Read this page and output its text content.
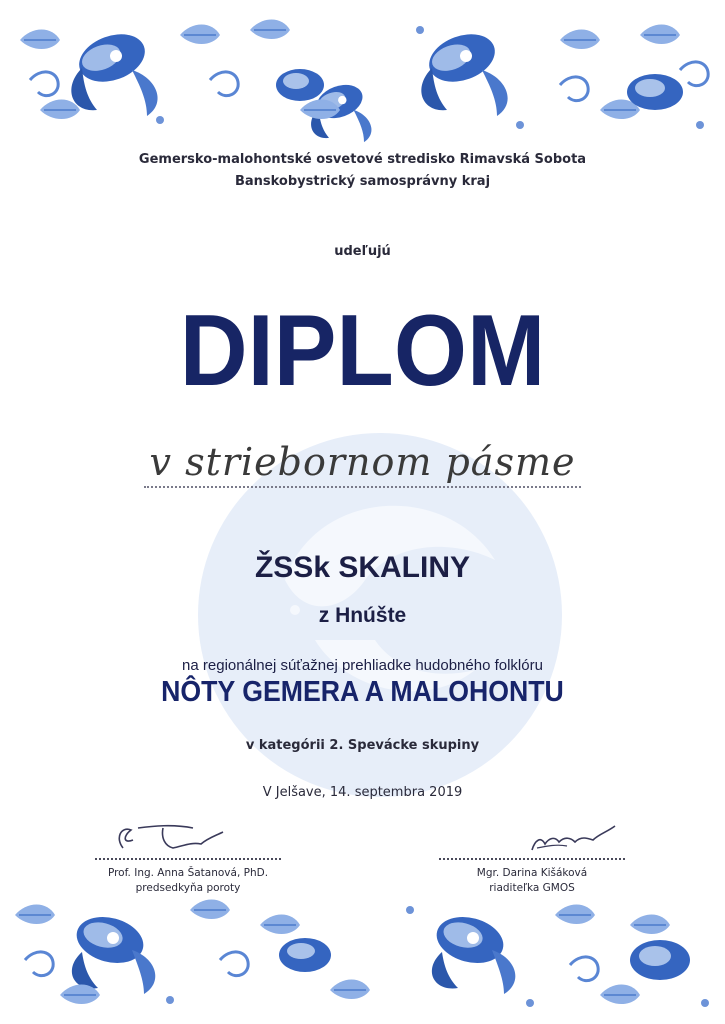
Gemersko-malohontské osvetové stredisko Rimavská Sobota
Banskobystrický samosprávny kraj
udeľujú
DIPLOM
v striebornom pásme
ŽSSk SKALINY
z Hnúšte
na regionálnej súťažnej prehliadke hudobného folklóru
NÔTY GEMERA A MALOHONTU
v kategórii 2. Spevácke skupiny
V Jelšave, 14. septembra 2019
Prof. Ing. Anna Šatanová, PhD.
predsedkyňa poroty
Mgr. Darina Kišáková
riaditeľka GMOS
